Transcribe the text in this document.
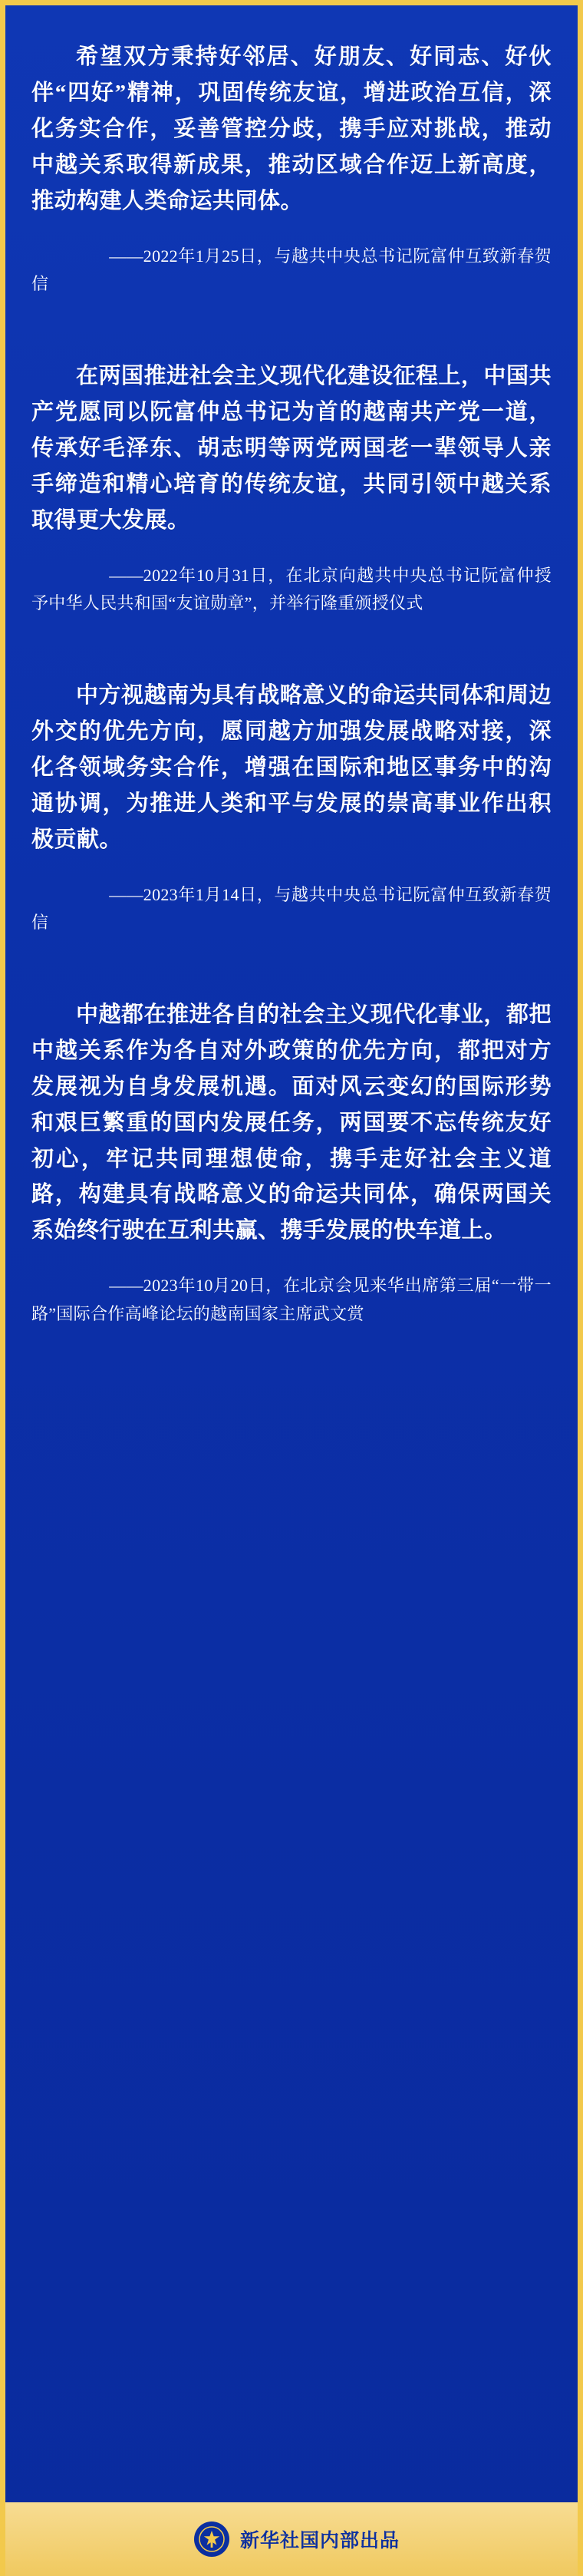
希望双方秉持好邻居、好朋友、好同志、好伙伴“四好”精神，巩固传统友谊，增进政治互信，深化务实合作，妥善管控分歧，携手应对挑战，推动中越关系取得新成果，推动区域合作迈上新高度，推动构建人类命运共同体。

——2022年1月25日，与越共中央总书记阮富仲互致新春贺信

在两国推进社会主义现代化建设征程上，中国共产党愿同以阮富仲总书记为首的越南共产党一道，传承好毛泽东、胡志明等两党两国老一辈领导人亲手缔造和精心培育的传统友谊，共同引领中越关系取得更大发展。

——2022年10月31日，在北京向越共中央总书记阮富仲授予中华人民共和国“友谊勋章”，并举行隆重颁授仪式

中方视越南为具有战略意义的命运共同体和周边外交的优先方向，愿同越方加强发展战略对接，深化各领域务实合作，增强在国际和地区事务中的沟通协调，为推进人类和平与发展的崇高事业作出积极贡献。

——2023年1月14日，与越共中央总书记阮富仲互致新春贺信

中越都在推进各自的社会主义现代化事业，都把中越关系作为各自对外政策的优先方向，都把对方发展视为自身发展机遇。面对风云变幻的国际形势和艰巨繁重的国内发展任务，两国要不忘传统友好初心，牢记共同理想使命，携手走好社会主义道路，构建具有战略意义的命运共同体，确保两国关系始终行驶在互利共赢、携手发展的快车道上。

——2023年10月20日，在北京会见来华出席第三届“一带一路”国际合作高峰论坛的越南国家主席武文赏

新华社国内部出品
